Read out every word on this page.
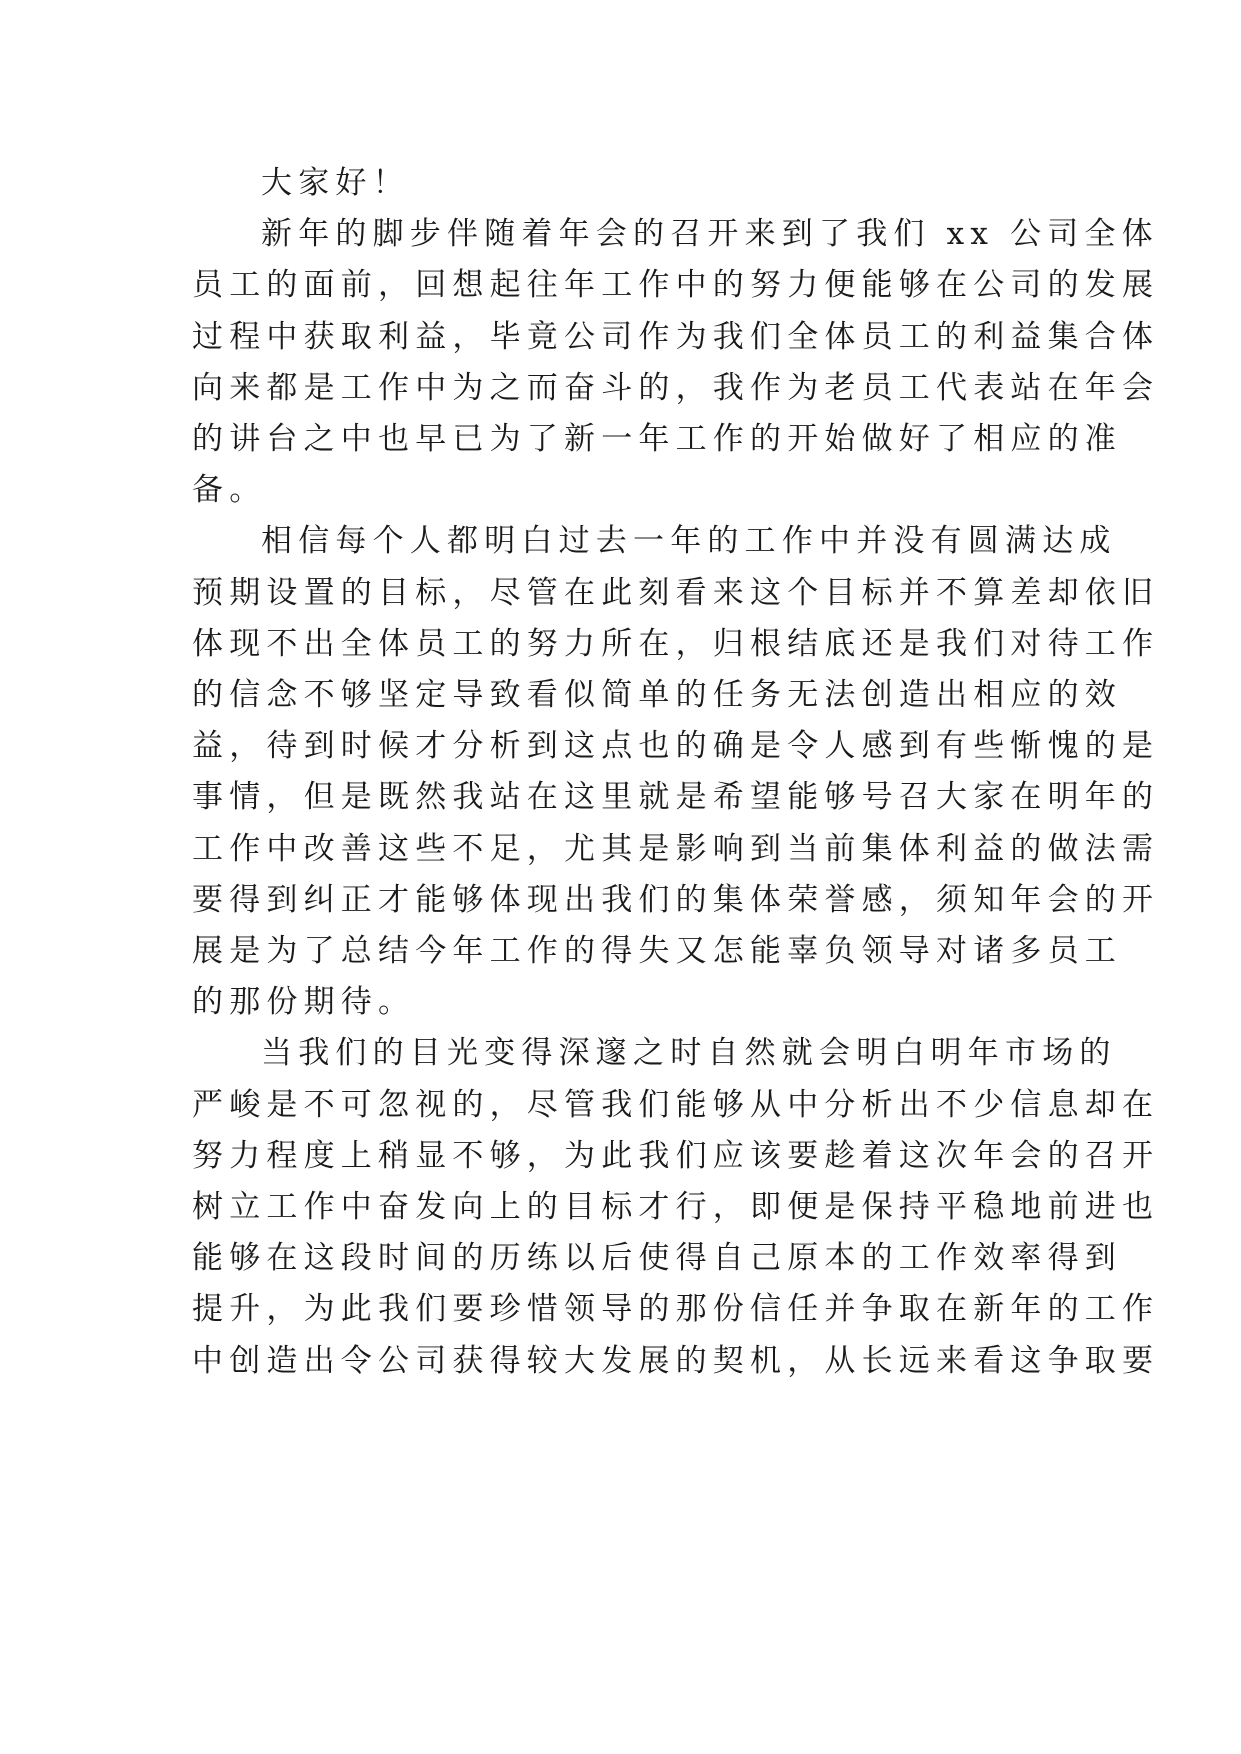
大家好！
新年的脚步伴随着年会的召开来到了我们 xx 公司全体
员工的面前，回想起往年工作中的努力便能够在公司的发展
过程中获取利益，毕竟公司作为我们全体员工的利益集合体
向来都是工作中为之而奋斗的，我作为老员工代表站在年会
的讲台之中也早已为了新一年工作的开始做好了相应的准
备。
相信每个人都明白过去一年的工作中并没有圆满达成
预期设置的目标，尽管在此刻看来这个目标并不算差却依旧
体现不出全体员工的努力所在，归根结底还是我们对待工作
的信念不够坚定导致看似简单的任务无法创造出相应的效
益，待到时候才分析到这点也的确是令人感到有些惭愧的是
事情，但是既然我站在这里就是希望能够号召大家在明年的
工作中改善这些不足，尤其是影响到当前集体利益的做法需
要得到纠正才能够体现出我们的集体荣誉感，须知年会的开
展是为了总结今年工作的得失又怎能辜负领导对诸多员工
的那份期待。
当我们的目光变得深邃之时自然就会明白明年市场的
严峻是不可忽视的，尽管我们能够从中分析出不少信息却在
努力程度上稍显不够，为此我们应该要趁着这次年会的召开
树立工作中奋发向上的目标才行，即便是保持平稳地前进也
能够在这段时间的历练以后使得自己原本的工作效率得到
提升，为此我们要珍惜领导的那份信任并争取在新年的工作
中创造出令公司获得较大发展的契机，从长远来看这争取要
